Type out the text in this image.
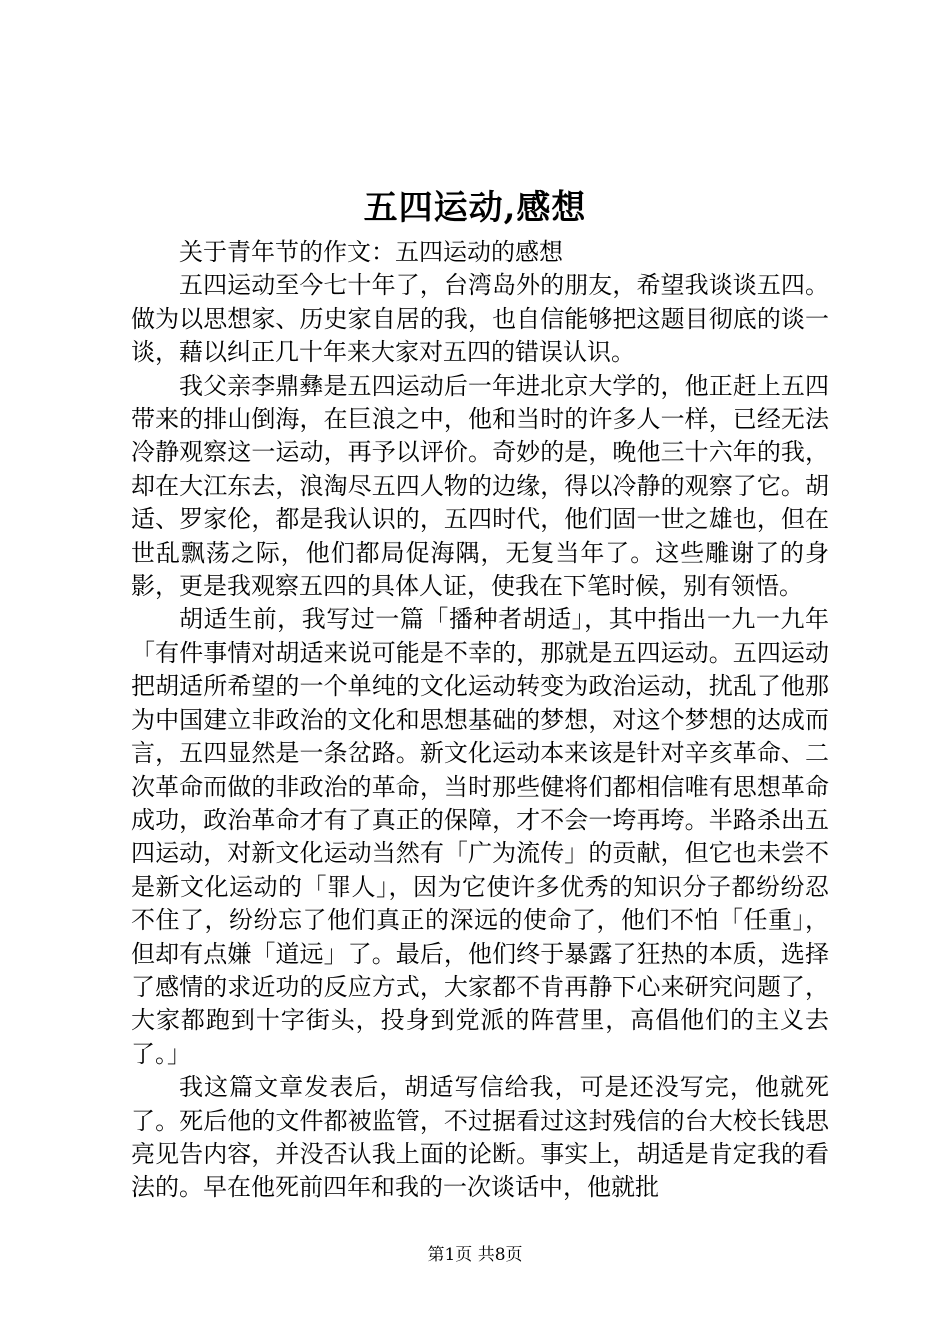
五四运动,感想

关于青年节的作文：五四运动的感想

五四运动至今七十年了，台湾岛外的朋友，希望我谈谈五四。做为以思想家、历史家自居的我，也自信能够把这题目彻底的谈一谈，藉以纠正几十年来大家对五四的错误认识。

我父亲李鼎彝是五四运动后一年进北京大学的，他正赶上五四带来的排山倒海，在巨浪之中，他和当时的许多人一样，已经无法冷静观察这一运动，再予以评价。奇妙的是，晚他三十六年的我，却在大江东去，浪淘尽五四人物的边缘，得以冷静的观察了它。胡适、罗家伦，都是我认识的，五四时代，他们固一世之雄也，但在世乱飘荡之际，他们都局促海隅，无复当年了。这些雕谢了的身影，更是我观察五四的具体人证，使我在下笔时候，别有领悟。

胡适生前，我写过一篇「播种者胡适」，其中指出一九一九年「有件事情对胡适来说可能是不幸的，那就是五四运动。五四运动把胡适所希望的一个单纯的文化运动转变为政治运动，扰乱了他那为中国建立非政治的文化和思想基础的梦想，对这个梦想的达成而言，五四显然是一条岔路。新文化运动本来该是针对辛亥革命、二次革命而做的非政治的革命，当时那些健将们都相信唯有思想革命成功，政治革命才有了真正的保障，才不会一垮再垮。半路杀出五四运动，对新文化运动当然有「广为流传」的贡献，但它也未尝不是新文化运动的「罪人」，因为它使许多优秀的知识分子都纷纷忍不住了，纷纷忘了他们真正的深远的使命了，他们不怕「任重」，但却有点嫌「道远」了。最后，他们终于暴露了狂热的本质，选择了感情的求近功的反应方式，大家都不肯再静下心来研究问题了，大家都跑到十字街头，投身到党派的阵营里，高倡他们的主义去了。」

我这篇文章发表后，胡适写信给我，可是还没写完，他就死了。死后他的文件都被监管，不过据看过这封残信的台大校长钱思亮见告内容，并没否认我上面的论断。事实上，胡适是肯定我的看法的。早在他死前四年和我的一次谈话中，他就批

第1页 共8页
